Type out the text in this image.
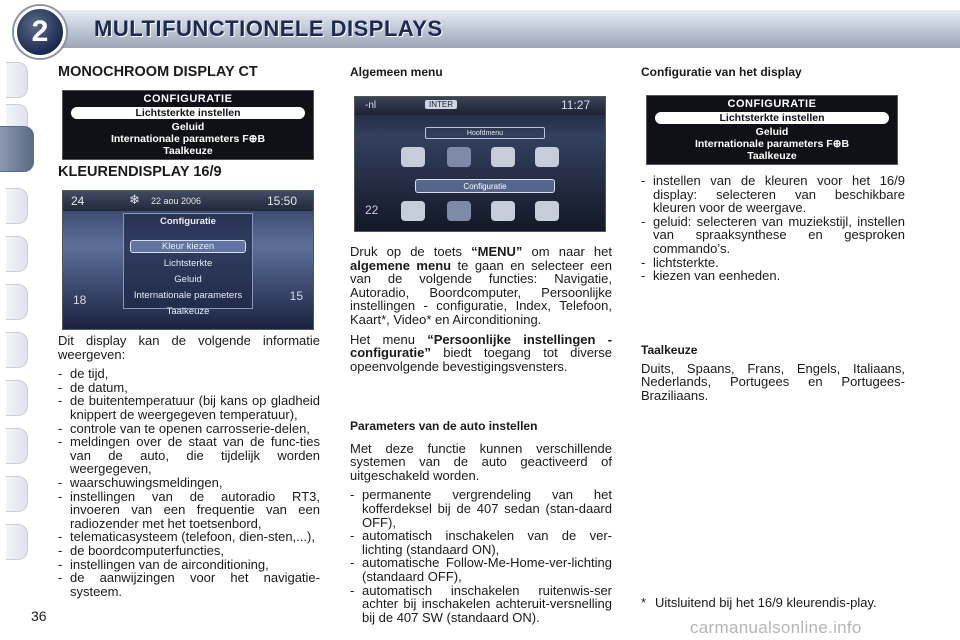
2	MULTIFUNCTIONELE DISPLAYS
MONOCHROOM DISPLAY CT
CONFIGURATIE
Lichtsterkte instellen
Geluid
Internationale parameters F⊕B
Taalkeuze
KLEURENDISPLAY 16/9
24	❄ 22 aou 2006	15:50
Configuratie
Kleur kiezen
Lichtsterkte
Geluid
Internationale parameters
Taalkeuze
18	15
Dit display kan de volgende informatie weergeven:
- de tijd,
- de datum,
- de buitentemperatuur (bij kans op gladheid knippert de weergegeven temperatuur),
- controle van te openen carrosserie-delen,
- meldingen over de staat van de func-ties van de auto, die tijdelijk worden weergegeven,
- waarschuwingsmeldingen,
- instellingen van de autoradio RT3, invoeren van een frequentie van een radiozender met het toetsenbord,
- telematicasysteem (telefoon, dien-sten,...),
- de boordcomputerfuncties,
- instellingen van de airconditioning,
- de aanwijzingen voor het navigatie-systeem.
Algemeen menu
-nl	INTER	11:27
Hoofdmenu
Configuratie
22
Druk op de toets “MENU” om naar het algemene menu te gaan en selecteer een van de volgende functies: Navigatie, Autoradio, Boordcomputer, Persoonlijke instellingen - configuratie, Index, Telefoon, Kaart*, Video* en Airconditioning.
Het menu “Persoonlijke instellingen - configuratie” biedt toegang tot diverse opeenvolgende bevestigingsvensters.
Parameters van de auto instellen
Met deze functie kunnen verschillende systemen van de auto geactiveerd of uitgeschakeld worden.
- permanente vergrendeling van het kofferdeksel bij de 407 sedan (stan-daard OFF),
- automatisch inschakelen van de ver-lichting (standaard ON),
- automatische Follow-Me-Home-ver-lichting (standaard OFF),
- automatisch inschakelen ruitenwis-ser achter bij inschakelen achteruit-versnelling bij de 407 SW (standaard ON).
Configuratie van het display
CONFIGURATIE
Lichtsterkte instellen
Geluid
Internationale parameters F⊕B
Taalkeuze
- instellen van de kleuren voor het 16/9 display: selecteren van beschikbare kleuren voor de weergave.
- geluid: selecteren van muziekstijl, instellen van spraaksynthese en gesproken commando’s.
- lichtsterkte.
- kiezen van eenheden.
Taalkeuze
Duits, Spaans, Frans, Engels, Italiaans, Nederlands, Portugees en Portugees-Braziliaans.
* Uitsluitend bij het 16/9 kleurendis-play.
36
carmanualsonline.info
